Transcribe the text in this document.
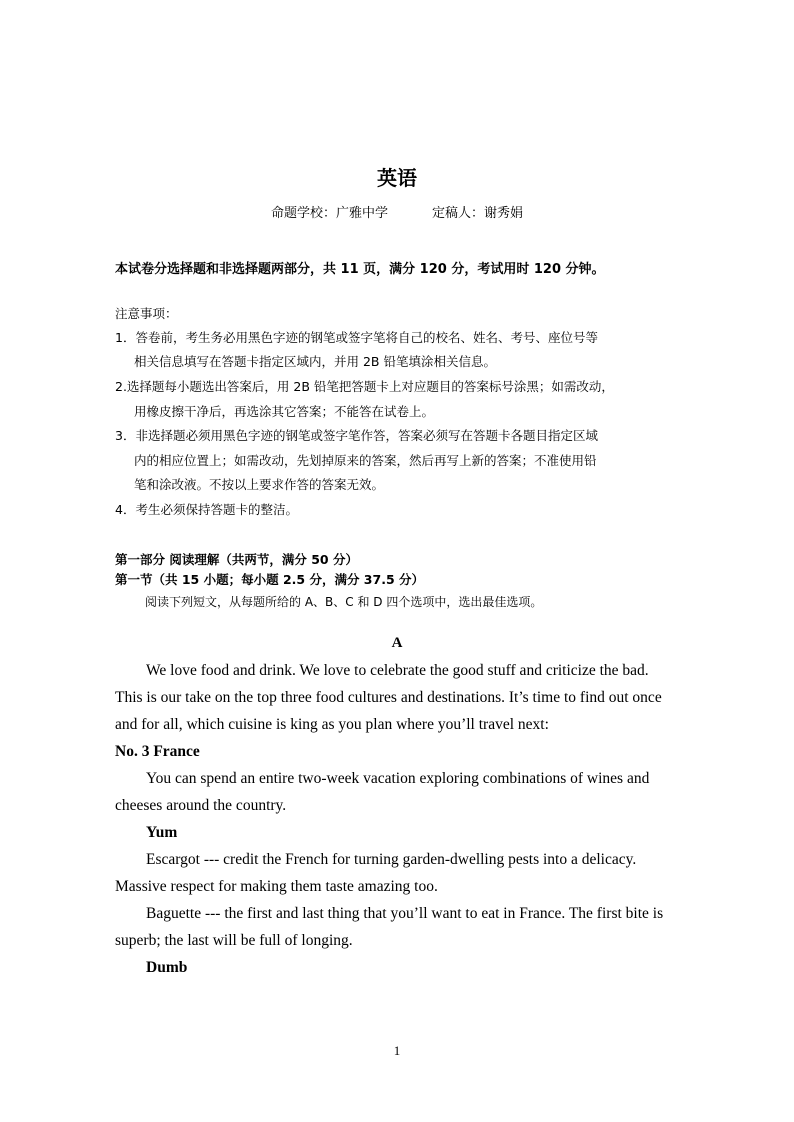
英语
命题学校：广雅中学	定稿人：谢秀娟
本试卷分选择题和非选择题两部分，共 11 页，满分 120 分，考试用时 120 分钟。
注意事项：
1．答卷前，考生务必用黑色字迹的钢笔或签字笔将自己的校名、姓名、考号、座位号等
相关信息填写在答题卡指定区域内，并用 2B 铅笔填涂相关信息。
2.选择题每小题选出答案后，用 2B 铅笔把答题卡上对应题目的答案标号涂黑；如需改动，
用橡皮擦干净后，再选涂其它答案；不能答在试卷上。
3．非选择题必须用黑色字迹的钢笔或签字笔作答，答案必须写在答题卡各题目指定区域
内的相应位置上；如需改动，先划掉原来的答案，然后再写上新的答案；不准使用铅
笔和涂改液。不按以上要求作答的答案无效。
4．考生必须保持答题卡的整洁。
第一部分 阅读理解（共两节，满分 50 分）
第一节（共 15 小题；每小题 2.5 分，满分 37.5 分）
阅读下列短文，从每题所给的 A、B、C 和 D 四个选项中，选出最佳选项。
A
We love food and drink. We love to celebrate the good stuff and criticize the bad.
This is our take on the top three food cultures and destinations. It’s time to find out once
and for all, which cuisine is king as you plan where you’ll travel next:
No. 3 France
You can spend an entire two-week vacation exploring combinations of wines and
cheeses around the country.
Yum
Escargot --- credit the French for turning garden-dwelling pests into a delicacy.
Massive respect for making them taste amazing too.
Baguette --- the first and last thing that you’ll want to eat in France. The first bite is
superb; the last will be full of longing.
Dumb
1
